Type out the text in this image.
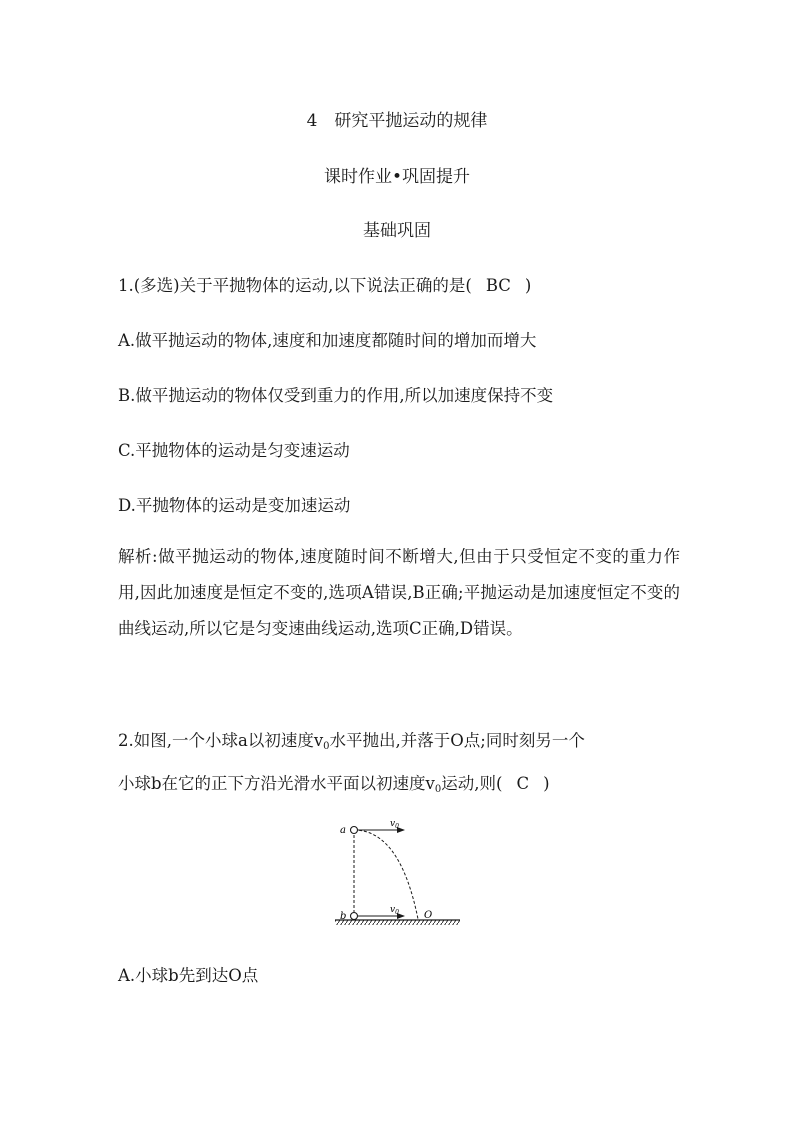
4　研究平抛运动的规律
课时作业•巩固提升
基础巩固
1.(多选)关于平抛物体的运动,以下说法正确的是( BC )
A.做平抛运动的物体,速度和加速度都随时间的增加而增大
B.做平抛运动的物体仅受到重力的作用,所以加速度保持不变
C.平抛物体的运动是匀变速运动
D.平抛物体的运动是变加速运动
解析:做平抛运动的物体,速度随时间不断增大,但由于只受恒定不变的重力作用,因此加速度是恒定不变的,选项A错误,B正确;平抛运动是加速度恒定不变的曲线运动,所以它是匀变速曲线运动,选项C正确,D错误。
2.如图,一个小球a以初速度$v_0$水平抛出,并落于O点;同时刻另一个
小球b在它的正下方沿光滑水平面以初速度$v_0$运动,则( C )
a
b	O
$v_0$
$v_0$
A.小球b先到达O点
